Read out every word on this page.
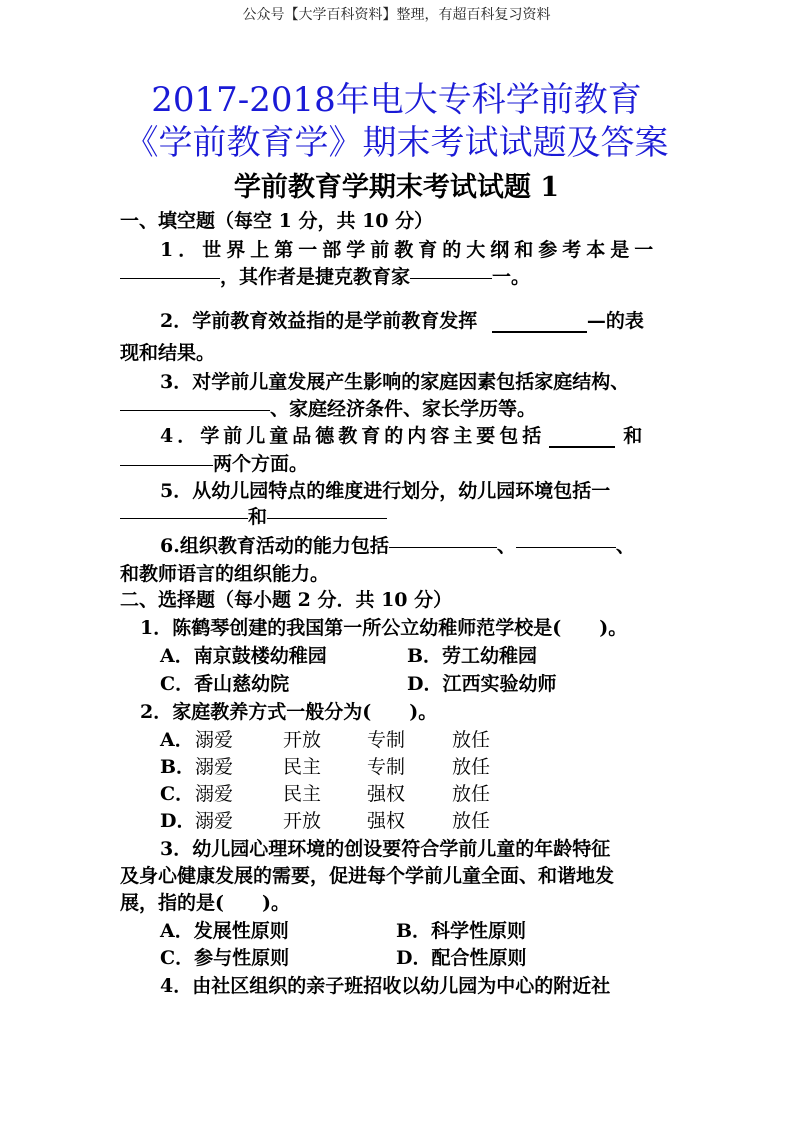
公众号【大学百科资料】整理，有超百科复习资料
2017-2018年电大专科学前教育
《学前教育学》期末考试试题及答案
学前教育学期末考试试题 1
一、填空题（每空 1 分，共 10 分）
1．世界上第一部学前教育的大纲和参考本是一
，其作者是捷克教育家	一。
2．学前教育效益指的是学前教育发挥	—的表
现和结果。
3．对学前儿童发展产生影响的家庭因素包括家庭结构、
、家庭经济条件、家长学历等。
4．学前儿童品德教育的内容主要包括	和
两个方面。
5．从幼儿园特点的维度进行划分，幼儿园环境包括一
和
6.组织教育活动的能力包括	、	、
和教师语言的组织能力。
二、选择题（每小题 2 分．共 10 分）
1．陈鹤琴创建的我国第一所公立幼稚师范学校是(　　)。
A．南京鼓楼幼稚园	B．劳工幼稚园
C．香山慈幼院	D．江西实验幼师
2．家庭教养方式一般分为(　　)。
A． 溺爱	开放 专制 放任
B． 溺爱	民主 专制 放任
C． 溺爱	民主 强权 放任
D． 溺爱	开放 强权 放任
3．幼儿园心理环境的创设要符合学前儿童的年龄特征
及身心健康发展的需要，促进每个学前儿童全面、和谐地发
展，指的是(　　)。
A．发展性原则	B．科学性原则
C．参与性原则	D．配合性原则
4．由社区组织的亲子班招收以幼儿园为中心的附近社
